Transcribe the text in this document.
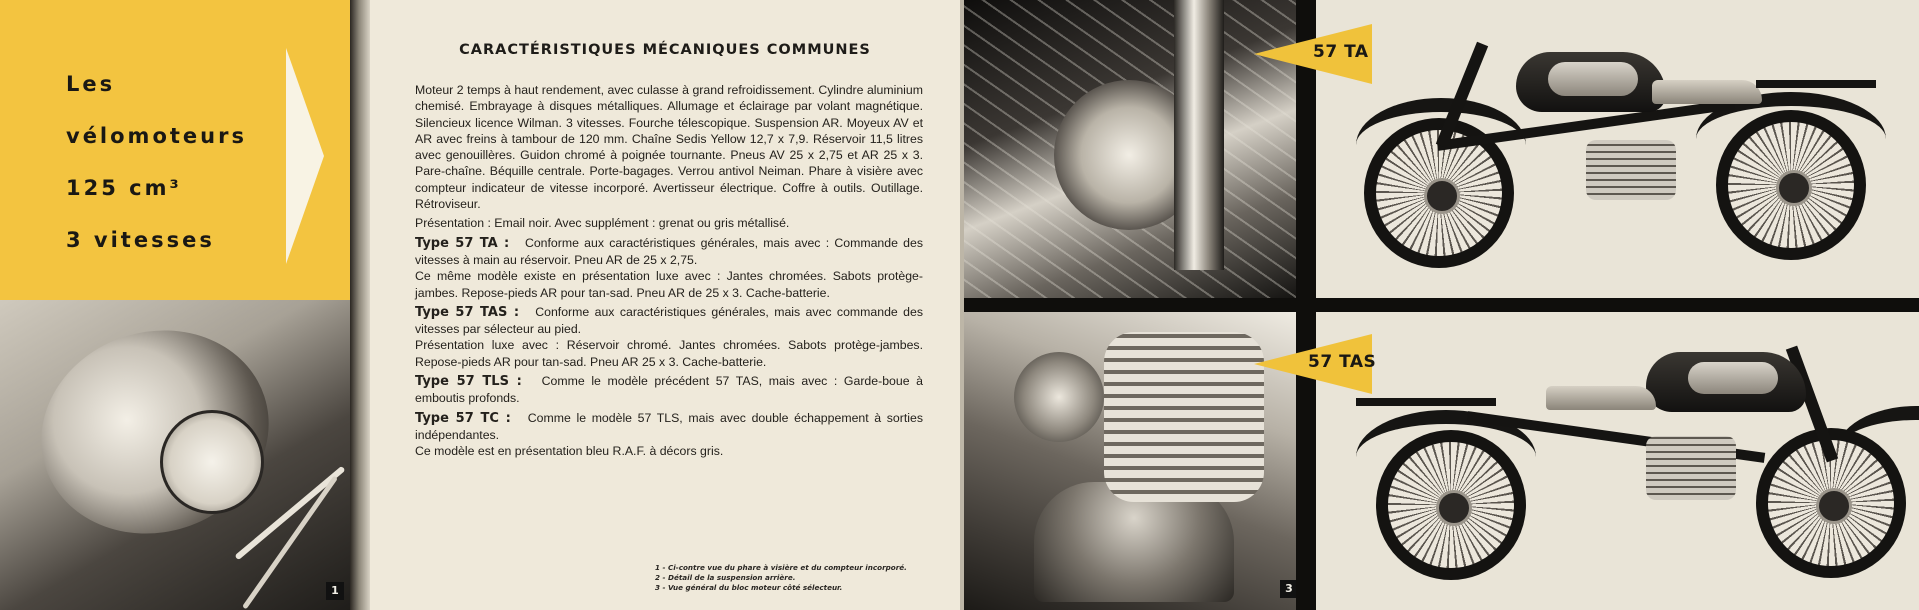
Les
vélomoteurs
125 cm³
3 vitesses
1
CARACTÉRISTIQUES MÉCANIQUES COMMUNES

Moteur 2 temps à haut rendement, avec culasse à grand refroidissement. Cylindre aluminium chemisé. Embrayage à disques métalliques. Allumage et éclairage par volant magnétique. Silencieux licence Wilman. 3 vitesses. Fourche télescopique. Suspension AR. Moyeux AV et AR avec freins à tambour de 120 mm. Chaîne Sedis Yellow 12,7 x 7,9. Réservoir 11,5 litres avec genouillères. Guidon chromé à poignée tournante. Pneus AV 25 x 2,75 et AR 25 x 3. Pare-chaîne. Béquille centrale. Porte-bagages. Verrou antivol Neiman. Phare à visière avec compteur indicateur de vitesse incorporé. Avertisseur électrique. Coffre à outils. Outillage. Rétroviseur.

Présentation : Email noir. Avec supplément : grenat ou gris métallisé.

Type 57 TA : Conforme aux caractéristiques générales, mais avec : Commande des vitesses à main au réservoir. Pneu AR de 25 x 2,75.
Ce même modèle existe en présentation luxe avec : Jantes chromées. Sabots protège-jambes. Repose-pieds AR pour tan-sad. Pneu AR de 25 x 3. Cache-batterie.

Type 57 TAS : Conforme aux caractéristiques générales, mais avec commande des vitesses par sélecteur au pied.
Présentation luxe avec : Réservoir chromé. Jantes chromées. Sabots protège-jambes. Repose-pieds AR pour tan-sad. Pneu AR 25 x 3. Cache-batterie.

Type 57 TLS : Comme le modèle précédent 57 TAS, mais avec : Garde-boue à emboutis profonds.

Type 57 TC : Comme le modèle 57 TLS, mais avec double échappement à sorties indépendantes.
Ce modèle est en présentation bleu R.A.F. à décors gris.

1 - Ci-contre vue du phare à visière et du compteur incorporé.
2 - Détail de la suspension arrière.
3 - Vue général du bloc moteur côté sélecteur.	3
57 TA
57 TAS
